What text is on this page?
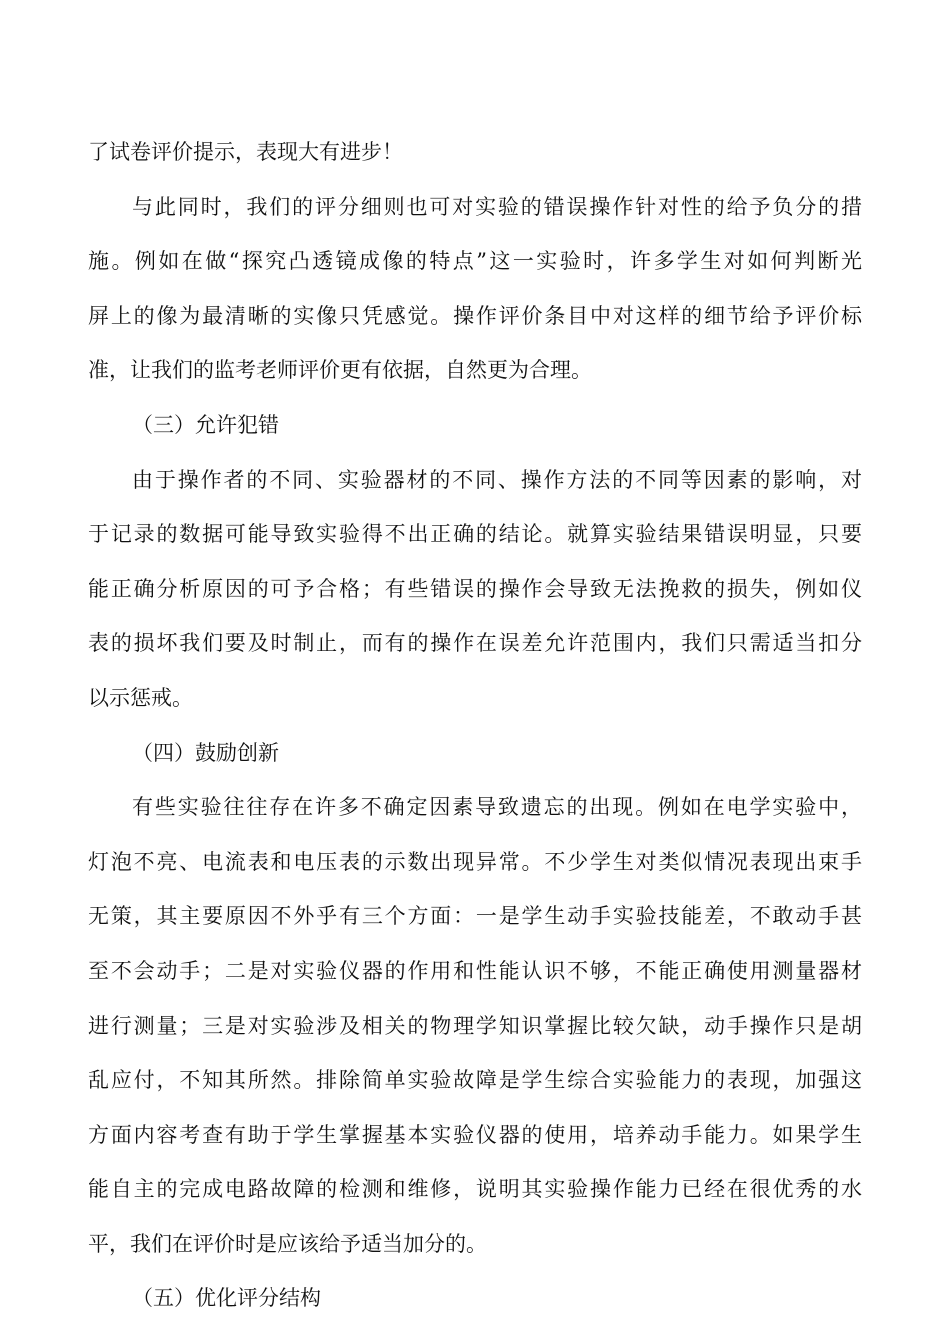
了试卷评价提示，表现大有进步！
与此同时，我们的评分细则也可对实验的错误操作针对性的给予负分的措
施。例如在做“探究凸透镜成像的特点”这一实验时，许多学生对如何判断光
屏上的像为最清晰的实像只凭感觉。操作评价条目中对这样的细节给予评价标
准，让我们的监考老师评价更有依据，自然更为合理。
（三）允许犯错
由于操作者的不同、实验器材的不同、操作方法的不同等因素的影响，对
于记录的数据可能导致实验得不出正确的结论。就算实验结果错误明显，只要
能正确分析原因的可予合格；有些错误的操作会导致无法挽救的损失，例如仪
表的损坏我们要及时制止，而有的操作在误差允许范围内，我们只需适当扣分
以示惩戒。
（四）鼓励创新
有些实验往往存在许多不确定因素导致遗忘的出现。例如在电学实验中，
灯泡不亮、电流表和电压表的示数出现异常。不少学生对类似情况表现出束手
无策，其主要原因不外乎有三个方面：一是学生动手实验技能差，不敢动手甚
至不会动手；二是对实验仪器的作用和性能认识不够，不能正确使用测量器材
进行测量；三是对实验涉及相关的物理学知识掌握比较欠缺，动手操作只是胡
乱应付，不知其所然。排除简单实验故障是学生综合实验能力的表现，加强这
方面内容考查有助于学生掌握基本实验仪器的使用，培养动手能力。如果学生
能自主的完成电路故障的检测和维修，说明其实验操作能力已经在很优秀的水
平，我们在评价时是应该给予适当加分的。
（五）优化评分结构
